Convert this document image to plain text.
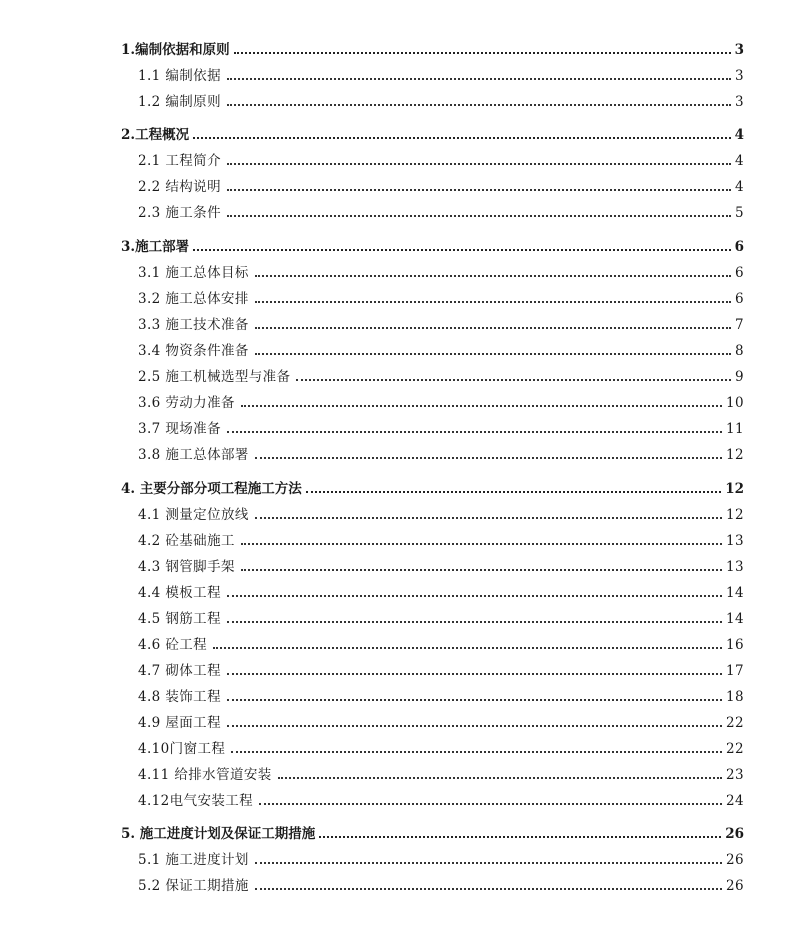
1.编制依据和原则	3
1.1 编制依据	3
1.2 编制原则	3
2.工程概况	4
2.1 工程简介	4
2.2 结构说明	4
2.3 施工条件	5
3.施工部署	6
3.1 施工总体目标	6
3.2 施工总体安排	6
3.3 施工技术准备	7
3.4 物资条件准备	8
2.5 施工机械选型与准备	9
3.6 劳动力准备	10
3.7 现场准备	11
3.8 施工总体部署	12
4. 主要分部分项工程施工方法	12
4.1 测量定位放线	12
4.2 砼基础施工	13
4.3 钢管脚手架	13
4.4 模板工程	14
4.5 钢筋工程	14
4.6 砼工程	16
4.7 砌体工程	17
4.8 装饰工程	18
4.9 屋面工程	22
4.10门窗工程	22
4.11 给排水管道安装	23
4.12电气安装工程	24
5. 施工进度计划及保证工期措施	26
5.1 施工进度计划	26
5.2 保证工期措施	26
